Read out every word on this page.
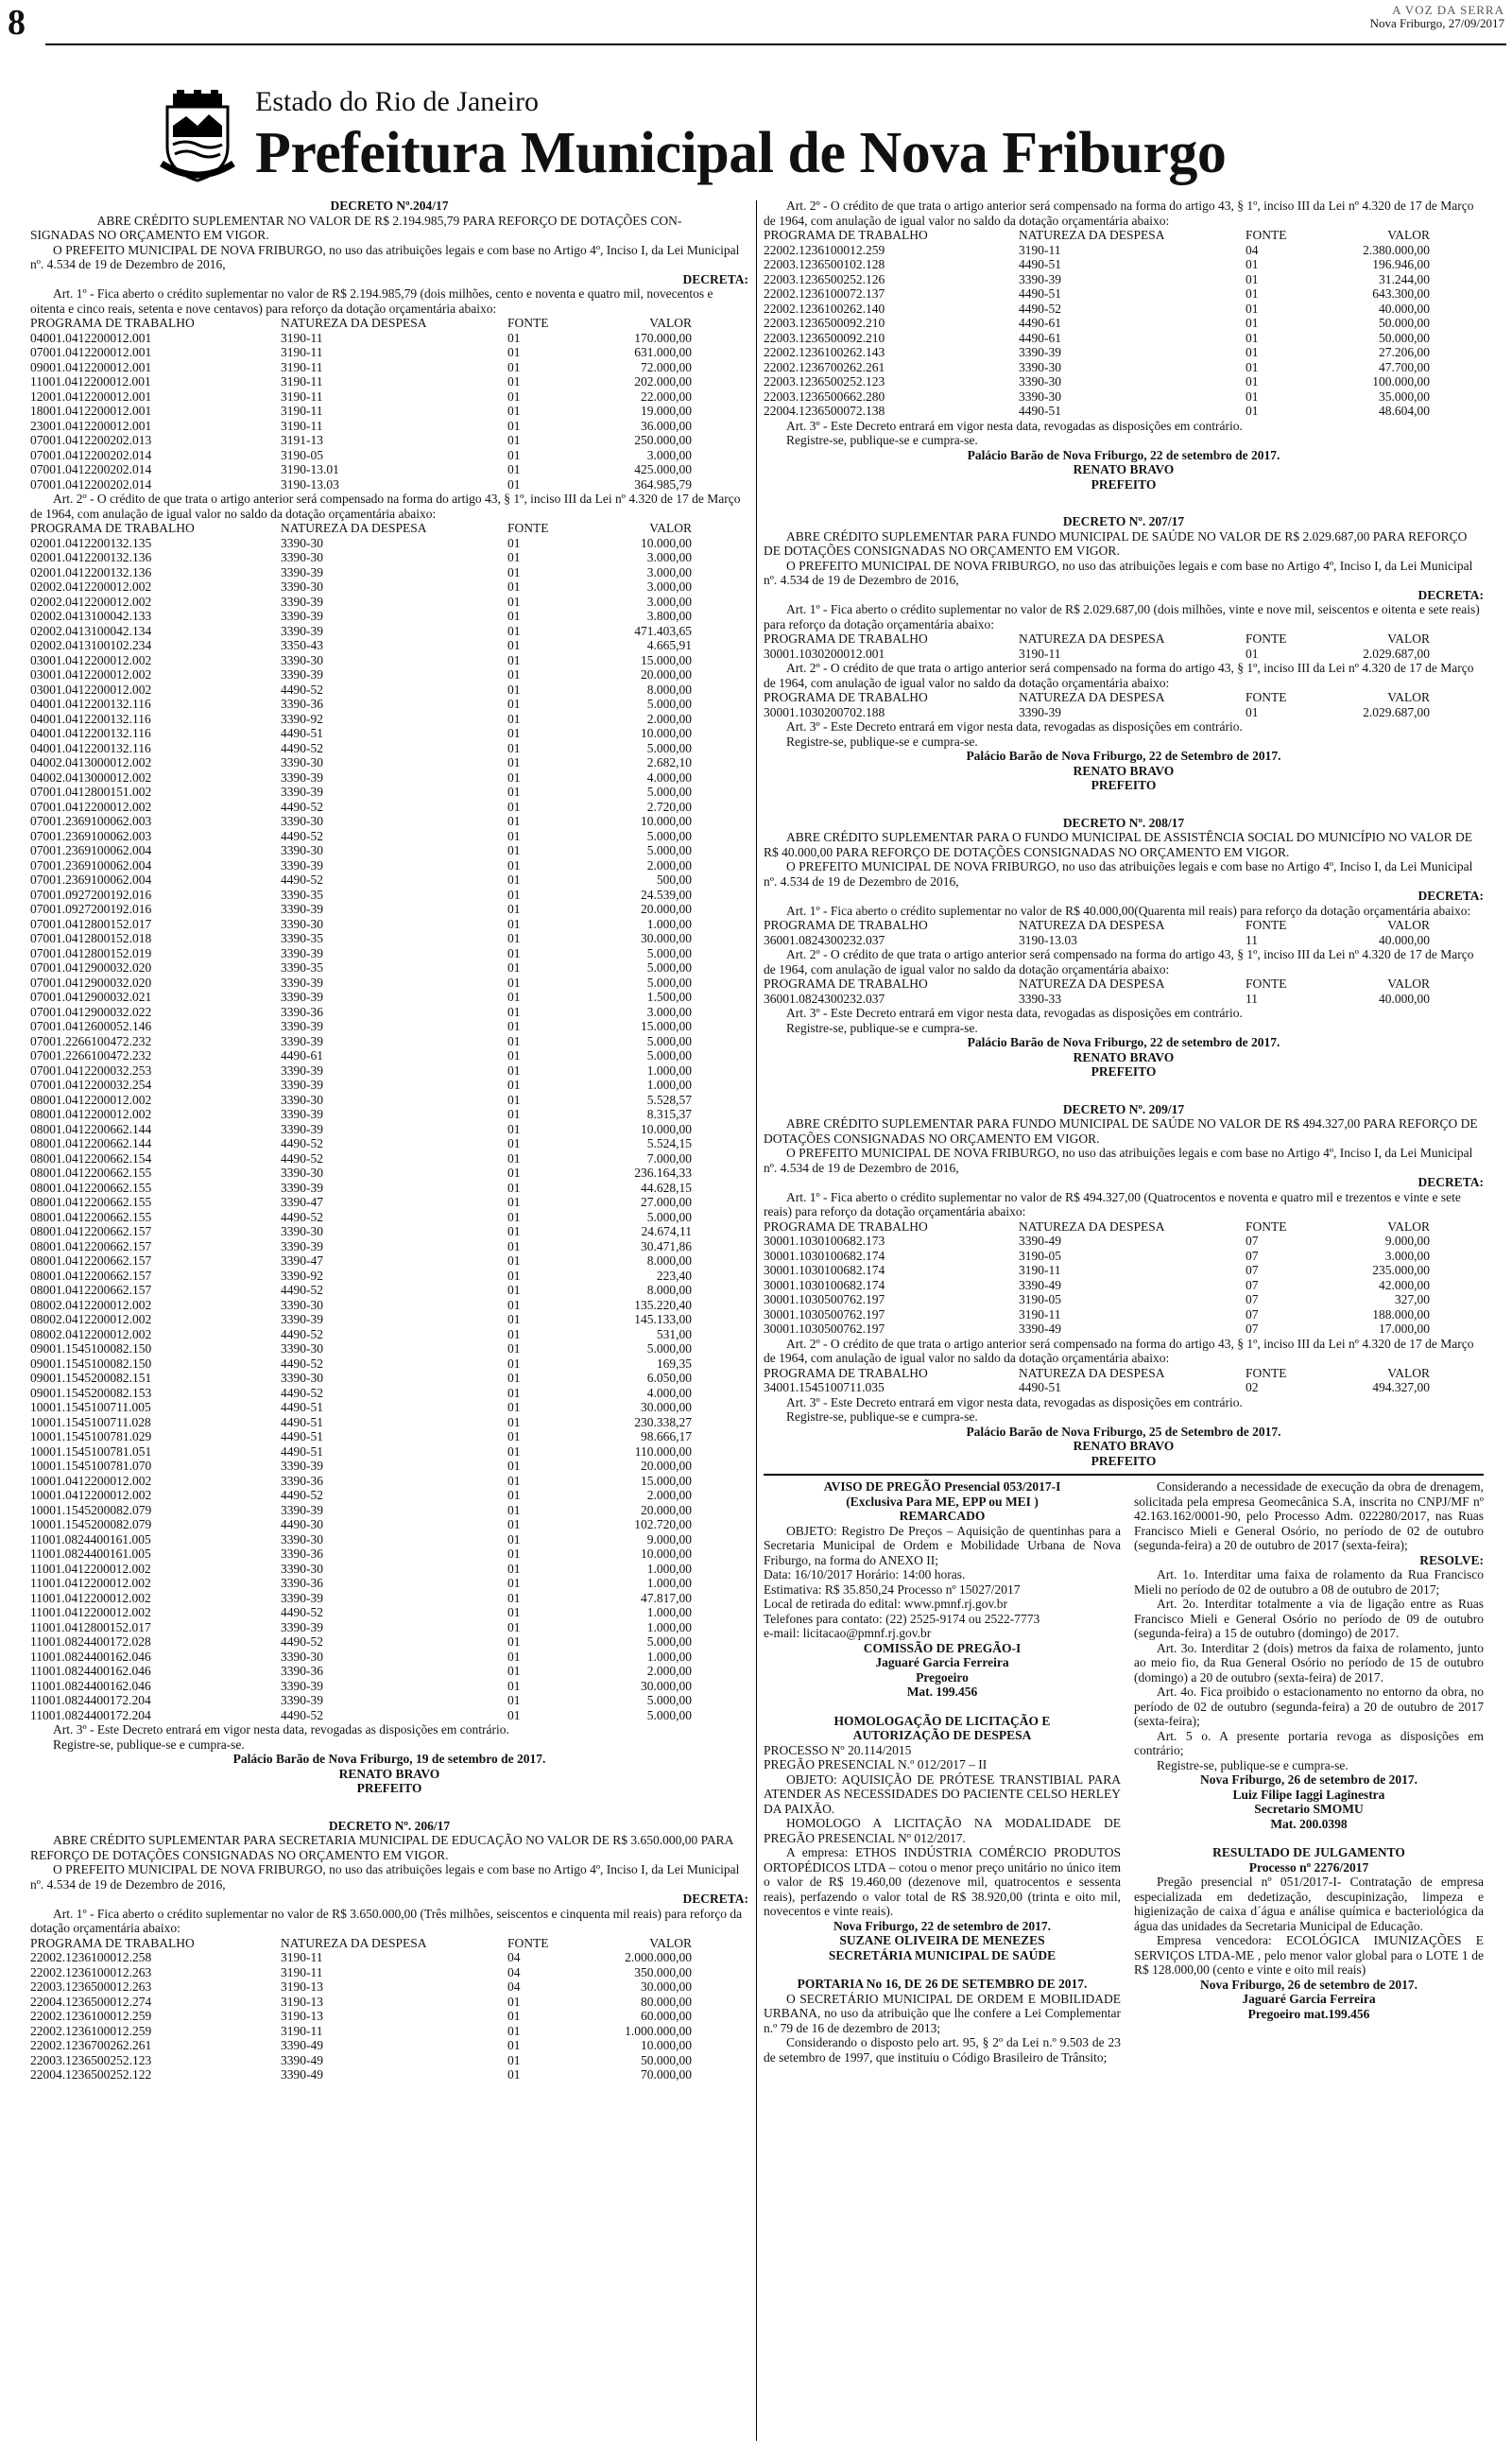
8	A VOZ DA SERRA
Nova Friburgo, 27/09/2017
Estado do Rio de Janeiro
Prefeitura Municipal de Nova Friburgo
DECRETO Nº.204/17
ABRE CRÉDITO SUPLEMENTAR NO VALOR DE R$ 2.194.985,79 PARA REFORÇO DE DOTAÇÕES CON-
SIGNADAS NO ORÇAMENTO EM VIGOR.
O PREFEITO MUNICIPAL DE NOVA FRIBURGO, no uso das atribuições legais e com base no Artigo 4º, Inciso I, da Lei Municipal nº. 4.534 de 19 de Dezembro de 2016,
DECRETA:
Art. 1º - Fica aberto o crédito suplementar no valor de R$ 2.194.985,79 (dois milhões, cento e noventa e quatro mil, novecentos e oitenta e cinco reais, setenta e nove centavos) para reforço da dotação orçamentária abaixo:
PROGRAMA DE TRABALHO	NATUREZA DA DESPESA	FONTE	VALOR
04001.0412200012.001	3190-11	01	170.000,00
07001.0412200012.001	3190-11	01	631.000,00
09001.0412200012.001	3190-11	01	72.000,00
11001.0412200012.001	3190-11	01	202.000,00
12001.0412200012.001	3190-11	01	22.000,00
18001.0412200012.001	3190-11	01	19.000,00
23001.0412200012.001	3190-11	01	36.000,00
07001.0412200202.013	3191-13	01	250.000,00
07001.0412200202.014	3190-05	01	3.000,00
07001.0412200202.014	3190-13.01	01	425.000,00
07001.0412200202.014	3190-13.03	01	364.985,79
Art. 2º - O crédito de que trata o artigo anterior será compensado na forma do artigo 43, § 1º, inciso III da Lei nº 4.320 de 17 de Março de 1964, com anulação de igual valor no saldo da dotação orçamentária abaixo:
PROGRAMA DE TRABALHO	NATUREZA DA DESPESA	FONTE	VALOR
02001.0412200132.135	3390-30	01	10.000,00
02001.0412200132.136	3390-30	01	3.000,00
02001.0412200132.136	3390-39	01	3.000,00
02002.0412200012.002	3390-30	01	3.000,00
02002.0412200012.002	3390-39	01	3.000,00
02002.0413100042.133	3390-39	01	3.800,00
02002.0413100042.134	3390-39	01	471.403,65
02002.0413100102.234	3350-43	01	4.665,91
03001.0412200012.002	3390-30	01	15.000,00
03001.0412200012.002	3390-39	01	20.000,00
03001.0412200012.002	4490-52	01	8.000,00
04001.0412200132.116	3390-36	01	5.000,00
04001.0412200132.116	3390-92	01	2.000,00
04001.0412200132.116	4490-51	01	10.000,00
04001.0412200132.116	4490-52	01	5.000,00
04002.0413000012.002	3390-30	01	2.682,10
04002.0413000012.002	3390-39	01	4.000,00
07001.0412800151.002	3390-39	01	5.000,00
07001.0412200012.002	4490-52	01	2.720,00
07001.2369100062.003	3390-30	01	10.000,00
07001.2369100062.003	4490-52	01	5.000,00
07001.2369100062.004	3390-30	01	5.000,00
07001.2369100062.004	3390-39	01	2.000,00
07001.2369100062.004	4490-52	01	500,00
07001.0927200192.016	3390-35	01	24.539,00
07001.0927200192.016	3390-39	01	20.000,00
07001.0412800152.017	3390-30	01	1.000,00
07001.0412800152.018	3390-35	01	30.000,00
07001.0412800152.019	3390-39	01	5.000,00
07001.0412900032.020	3390-35	01	5.000,00
07001.0412900032.020	3390-39	01	5.000,00
07001.0412900032.021	3390-39	01	1.500,00
07001.0412900032.022	3390-36	01	3.000,00
07001.0412600052.146	3390-39	01	15.000,00
07001.2266100472.232	3390-39	01	5.000,00
07001.2266100472.232	4490-61	01	5.000,00
07001.0412200032.253	3390-39	01	1.000,00
07001.0412200032.254	3390-39	01	1.000,00
08001.0412200012.002	3390-30	01	5.528,57
08001.0412200012.002	3390-39	01	8.315,37
08001.0412200662.144	3390-39	01	10.000,00
08001.0412200662.144	4490-52	01	5.524,15
08001.0412200662.154	4490-52	01	7.000,00
08001.0412200662.155	3390-30	01	236.164,33
08001.0412200662.155	3390-39	01	44.628,15
08001.0412200662.155	3390-47	01	27.000,00
08001.0412200662.155	4490-52	01	5.000,00
08001.0412200662.157	3390-30	01	24.674,11
08001.0412200662.157	3390-39	01	30.471,86
08001.0412200662.157	3390-47	01	8.000,00
08001.0412200662.157	3390-92	01	223,40
08001.0412200662.157	4490-52	01	8.000,00
08002.0412200012.002	3390-30	01	135.220,40
08002.0412200012.002	3390-39	01	145.133,00
08002.0412200012.002	4490-52	01	531,00
09001.1545100082.150	3390-30	01	5.000,00
09001.1545100082.150	4490-52	01	169,35
09001.1545200082.151	3390-30	01	6.050,00
09001.1545200082.153	4490-52	01	4.000,00
10001.1545100711.005	4490-51	01	30.000,00
10001.1545100711.028	4490-51	01	230.338,27
10001.1545100781.029	4490-51	01	98.666,17
10001.1545100781.051	4490-51	01	110.000,00
10001.1545100781.070	3390-39	01	20.000,00
10001.0412200012.002	3390-36	01	15.000,00
10001.0412200012.002	4490-52	01	2.000,00
10001.1545200082.079	3390-39	01	20.000,00
10001.1545200082.079	4490-30	01	102.720,00
11001.0824400161.005	3390-30	01	9.000,00
11001.0824400161.005	3390-36	01	10.000,00
11001.0412200012.002	3390-30	01	1.000,00
11001.0412200012.002	3390-36	01	1.000,00
11001.0412200012.002	3390-39	01	47.817,00
11001.0412200012.002	4490-52	01	1.000,00
11001.0412800152.017	3390-39	01	1.000,00
11001.0824400172.028	4490-52	01	5.000,00
11001.0824400162.046	3390-30	01	1.000,00
11001.0824400162.046	3390-36	01	2.000,00
11001.0824400162.046	3390-39	01	30.000,00
11001.0824400172.204	3390-39	01	5.000,00
11001.0824400172.204	4490-52	01	5.000,00
Art. 3º - Este Decreto entrará em vigor nesta data, revogadas as disposições em contrário.
Registre-se, publique-se e cumpra-se.
Palácio Barão de Nova Friburgo, 19 de setembro de 2017.
RENATO BRAVO
PREFEITO
DECRETO Nº. 206/17
ABRE CRÉDITO SUPLEMENTAR PARA SECRETARIA MUNICIPAL DE EDUCAÇÃO NO VALOR DE R$ 3.650.000,00 PARA REFORÇO DE DOTAÇÕES CONSIGNADAS NO ORÇAMENTO EM VIGOR.
O PREFEITO MUNICIPAL DE NOVA FRIBURGO, no uso das atribuições legais e com base no Artigo 4º, Inciso I, da Lei Municipal nº. 4.534 de 19 de Dezembro de 2016,
DECRETA:
Art. 1º - Fica aberto o crédito suplementar no valor de R$ 3.650.000,00 (Três milhões, seiscentos e cinquenta mil reais) para reforço da dotação orçamentária abaixo:
PROGRAMA DE TRABALHO	NATUREZA DA DESPESA	FONTE	VALOR
22002.1236100012.258	3190-11	04	2.000.000,00
22002.1236100012.263	3190-11	04	350.000,00
22003.1236500012.263	3190-13	04	30.000,00
22004.1236500012.274	3190-13	01	80.000,00
22002.1236100012.259	3190-13	01	60.000,00
22002.1236100012.259	3190-11	01	1.000.000,00
22002.1236700262.261	3390-49	01	10.000,00
22003.1236500252.123	3390-49	01	50.000,00
22004.1236500252.122	3390-49	01	70.000,00
Art. 2º - O crédito de que trata o artigo anterior será compensado na forma do artigo 43, § 1º, inciso III da Lei nº 4.320 de 17 de Março de 1964, com anulação de igual valor no saldo da dotação orçamentária abaixo:
PROGRAMA DE TRABALHO	NATUREZA DA DESPESA	FONTE	VALOR
22002.1236100012.259	3190-11	04	2.380.000,00
22003.1236500102.128	4490-51	01	196.946,00
22003.1236500252.126	3390-39	01	31.244,00
22002.1236100072.137	4490-51	01	643.300,00
22002.1236100262.140	4490-52	01	40.000,00
22003.1236500092.210	4490-61	01	50.000,00
22003.1236500092.210	4490-61	01	50.000,00
22002.1236100262.143	3390-39	01	27.206,00
22002.1236700262.261	3390-30	01	47.700,00
22003.1236500252.123	3390-30	01	100.000,00
22003.1236500662.280	3390-30	01	35.000,00
22004.1236500072.138	4490-51	01	48.604,00
Art. 3º - Este Decreto entrará em vigor nesta data, revogadas as disposições em contrário.
Registre-se, publique-se e cumpra-se.
Palácio Barão de Nova Friburgo, 22 de setembro de 2017.
RENATO BRAVO
PREFEITO
DECRETO Nº. 207/17
ABRE CRÉDITO SUPLEMENTAR PARA FUNDO MUNICIPAL DE SAÚDE NO VALOR DE R$ 2.029.687,00 PARA REFORÇO DE DOTAÇÕES CONSIGNADAS NO ORÇAMENTO EM VIGOR.
O PREFEITO MUNICIPAL DE NOVA FRIBURGO, no uso das atribuições legais e com base no Artigo 4º, Inciso I, da Lei Municipal nº. 4.534 de 19 de Dezembro de 2016,
DECRETA:
Art. 1º - Fica aberto o crédito suplementar no valor de R$ 2.029.687,00 (dois milhões, vinte e nove mil, seiscentos e oitenta e sete reais) para reforço da dotação orçamentária abaixo:
PROGRAMA DE TRABALHO	NATUREZA DA DESPESA	FONTE	VALOR
30001.1030200012.001	3190-11	01	2.029.687,00
Art. 2º - O crédito de que trata o artigo anterior será compensado na forma do artigo 43, § 1º, inciso III da Lei nº 4.320 de 17 de Março de 1964, com anulação de igual valor no saldo da dotação orçamentária abaixo:
PROGRAMA DE TRABALHO	NATUREZA DA DESPESA	FONTE	VALOR
30001.1030200702.188	3390-39	01	2.029.687,00
Art. 3º - Este Decreto entrará em vigor nesta data, revogadas as disposições em contrário.
Registre-se, publique-se e cumpra-se.
Palácio Barão de Nova Friburgo, 22 de Setembro de 2017.
RENATO BRAVO
PREFEITO
DECRETO Nº. 208/17
ABRE CRÉDITO SUPLEMENTAR PARA O FUNDO MUNICIPAL DE ASSISTÊNCIA SOCIAL DO MUNICÍPIO NO VALOR DE R$ 40.000,00 PARA REFORÇO DE DOTAÇÕES CONSIGNADAS NO ORÇAMENTO EM VIGOR.
O PREFEITO MUNICIPAL DE NOVA FRIBURGO, no uso das atribuições legais e com base no Artigo 4º, Inciso I, da Lei Municipal nº. 4.534 de 19 de Dezembro de 2016,
DECRETA:
Art. 1º - Fica aberto o crédito suplementar no valor de R$ 40.000,00(Quarenta mil reais) para reforço da dotação orçamentária abaixo:
PROGRAMA DE TRABALHO	NATUREZA DA DESPESA	FONTE	VALOR
36001.0824300232.037	3190-13.03	11	40.000,00
Art. 2º - O crédito de que trata o artigo anterior será compensado na forma do artigo 43, § 1º, inciso III da Lei nº 4.320 de 17 de Março de 1964, com anulação de igual valor no saldo da dotação orçamentária abaixo:
PROGRAMA DE TRABALHO	NATUREZA DA DESPESA	FONTE	VALOR
36001.0824300232.037	3390-33	11	40.000,00
Art. 3º - Este Decreto entrará em vigor nesta data, revogadas as disposições em contrário.
Registre-se, publique-se e cumpra-se.
Palácio Barão de Nova Friburgo, 22 de setembro de 2017.
RENATO BRAVO
PREFEITO
DECRETO Nº. 209/17
ABRE CRÉDITO SUPLEMENTAR PARA FUNDO MUNICIPAL DE SAÚDE NO VALOR DE R$ 494.327,00 PARA REFORÇO DE DOTAÇÕES CONSIGNADAS NO ORÇAMENTO EM VIGOR.
O PREFEITO MUNICIPAL DE NOVA FRIBURGO, no uso das atribuições legais e com base no Artigo 4º, Inciso I, da Lei Municipal nº. 4.534 de 19 de Dezembro de 2016,
DECRETA:
Art. 1º - Fica aberto o crédito suplementar no valor de R$ 494.327,00 (Quatrocentos e noventa e quatro mil e trezentos e vinte e sete reais) para reforço da dotação orçamentária abaixo:
PROGRAMA DE TRABALHO	NATUREZA DA DESPESA	FONTE	VALOR
30001.1030100682.173	3390-49	07	9.000,00
30001.1030100682.174	3190-05	07	3.000,00
30001.1030100682.174	3190-11	07	235.000,00
30001.1030100682.174	3390-49	07	42.000,00
30001.1030500762.197	3190-05	07	327,00
30001.1030500762.197	3190-11	07	188.000,00
30001.1030500762.197	3390-49	07	17.000,00
Art. 2º - O crédito de que trata o artigo anterior será compensado na forma do artigo 43, § 1º, inciso III da Lei nº 4.320 de 17 de Março de 1964, com anulação de igual valor no saldo da dotação orçamentária abaixo:
PROGRAMA DE TRABALHO	NATUREZA DA DESPESA	FONTE	VALOR
34001.1545100711.035	4490-51	02	494.327,00
Art. 3º - Este Decreto entrará em vigor nesta data, revogadas as disposições em contrário.
Registre-se, publique-se e cumpra-se.
Palácio Barão de Nova Friburgo, 25 de Setembro de 2017.
RENATO BRAVO
PREFEITO
AVISO DE PREGÃO Presencial 053/2017-I
(Exclusiva Para ME, EPP ou MEI )
REMARCADO
OBJETO: Registro De Preços – Aquisição de quentinhas para a Secretaria Municipal de Ordem e Mobilidade Urbana de Nova Friburgo, na forma do ANEXO II;
Data: 16/10/2017 Horário: 14:00 horas.
Estimativa: R$ 35.850,24 Processo nº 15027/2017
Local de retirada do edital: www.pmnf.rj.gov.br
Telefones para contato: (22) 2525-9174 ou 2522-7773
e-mail: licitacao@pmnf.rj.gov.br
COMISSÃO DE PREGÃO-I
Jaguaré Garcia Ferreira
Pregoeiro
Mat. 199.456
HOMOLOGAÇÃO DE LICITAÇÃO E
AUTORIZAÇÃO DE DESPESA
PROCESSO Nº 20.114/2015
PREGÃO PRESENCIAL N.º 012/2017 – II
OBJETO: AQUISIÇÃO DE PRÓTESE TRANSTIBIAL PARA ATENDER AS NECESSIDADES DO PACIENTE CELSO HERLEY DA PAIXÃO.
HOMOLOGO A LICITAÇÃO NA MODALIDADE DE PREGÃO PRESENCIAL Nº 012/2017.
A empresa: ETHOS INDÚSTRIA COMÉRCIO PRODUTOS ORTOPÉDICOS LTDA – cotou o menor preço unitário no único item o valor de R$ 19.460,00 (dezenove mil, quatrocentos e sessenta reais), perfazendo o valor total de R$ 38.920,00 (trinta e oito mil, novecentos e vinte reais).
Nova Friburgo, 22 de setembro de 2017.
SUZANE OLIVEIRA DE MENEZES
SECRETÁRIA MUNICIPAL DE SAÚDE
PORTARIA No 16, DE 26 DE SETEMBRO DE 2017.
O SECRETÁRIO MUNICIPAL DE ORDEM E MOBILIDADE URBANA, no uso da atribuição que lhe confere a Lei Complementar n.º 79 de 16 de dezembro de 2013;
Considerando o disposto pelo art. 95, § 2º da Lei n.º 9.503 de 23 de setembro de 1997, que instituiu o Código Brasileiro de Trânsito;
Considerando a necessidade de execução da obra de drenagem, solicitada pela empresa Geomecânica S.A, inscrita no CNPJ/MF nº 42.163.162/0001-90, pelo Processo Adm. 022280/2017, nas Ruas Francisco Mieli e General Osório, no período de 02 de outubro (segunda-feira) a 20 de outubro de 2017 (sexta-feira);
RESOLVE:
Art. 1o. Interditar uma faixa de rolamento da Rua Francisco Mieli no período de 02 de outubro a 08 de outubro de 2017;
Art. 2o. Interditar totalmente a via de ligação entre as Ruas Francisco Mieli e General Osório no período de 09 de outubro (segunda-feira) a 15 de outubro (domingo) de 2017.
Art. 3o. Interditar 2 (dois) metros da faixa de rolamento, junto ao meio fio, da Rua General Osório no período de 15 de outubro (domingo) a 20 de outubro (sexta-feira) de 2017.
Art. 4o. Fica proibido o estacionamento no entorno da obra, no período de 02 de outubro (segunda-feira) a 20 de outubro de 2017 (sexta-feira);
Art. 5 o. A presente portaria revoga as disposições em contrário;
Registre-se, publique-se e cumpra-se.
Nova Friburgo, 26 de setembro de 2017.
Luiz Filipe Iaggi Laginestra
Secretario SMOMU
Mat. 200.0398
RESULTADO DE JULGAMENTO
Processo nº 2276/2017
Pregão presencial nº 051/2017-I- Contratação de empresa especializada em dedetização, descupinização, limpeza e higienização de caixa d´água e análise química e bacteriológica da água das unidades da Secretaria Municipal de Educação.
Empresa vencedora: ECOLÓGICA IMUNIZAÇÕES E SERVIÇOS LTDA-ME , pelo menor valor global para o LOTE 1 de R$ 128.000,00 (cento e vinte e oito mil reais)
Nova Friburgo, 26 de setembro de 2017.
Jaguaré Garcia Ferreira
Pregoeiro mat.199.456
